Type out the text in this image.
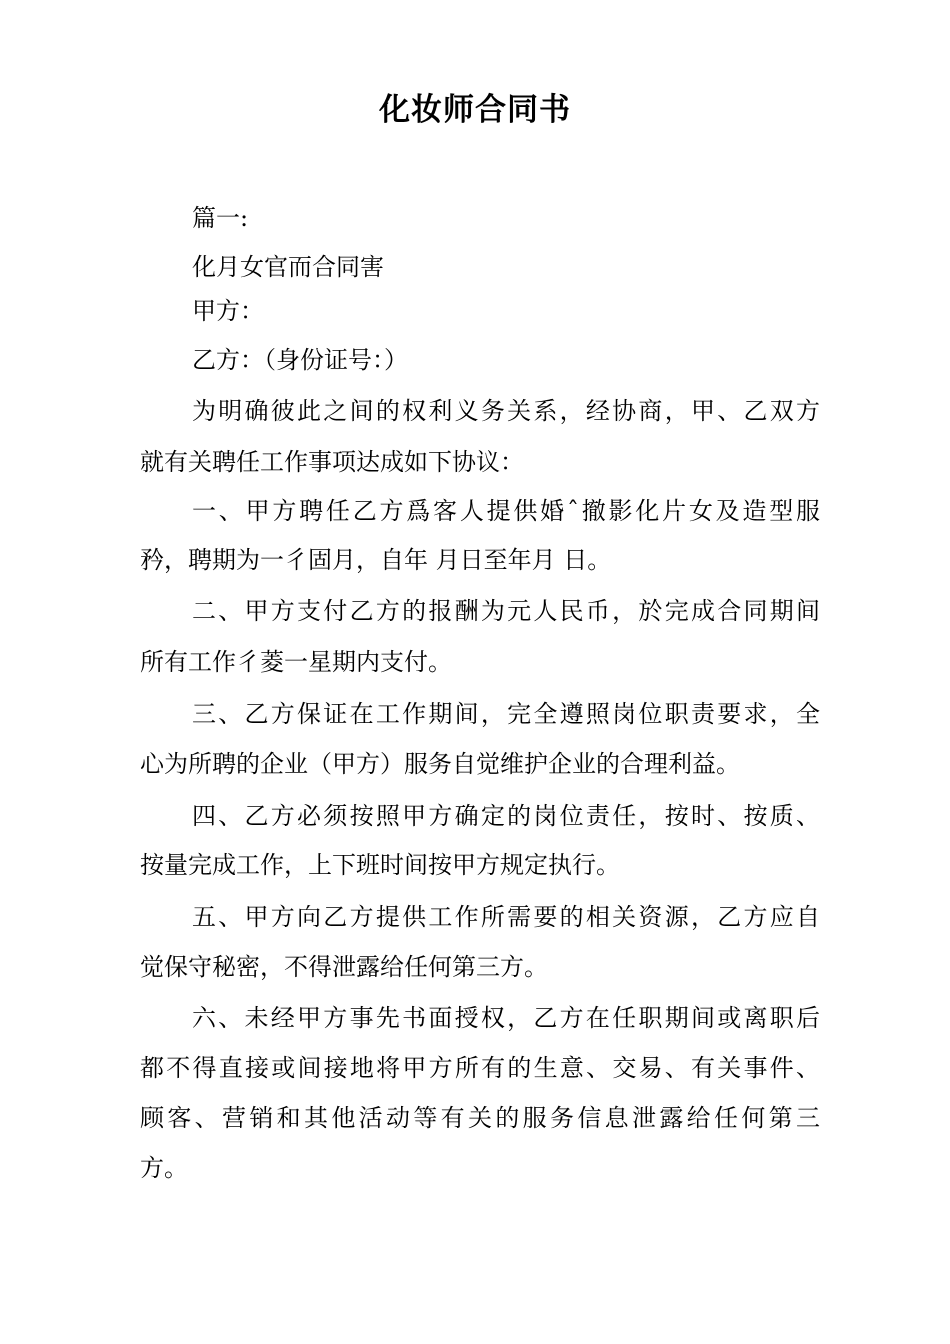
化妆师合同书
篇一:
化月女官而合同害
甲方：
乙方：（身份证号：）
为明确彼此之间的权利义务关系，经协商，甲、乙双方
就有关聘任工作事项达成如下协议：
一、甲方聘任乙方爲客人提供婚ˆ撤影化片女及造型服
矜，聘期为一彳固月，自年 月日至年月 日。
二、甲方支付乙方的报酬为元人民币，於完成合同期间
所有工作彳菱一星期内支付。
三、乙方保证在工作期间，完全遵照岗位职责要求，全
心为所聘的企业（甲方）服务自觉维护企业的合理利益。
四、乙方必须按照甲方确定的岗位责任，按时、按质、
按量完成工作，上下班时间按甲方规定执行。
五、甲方向乙方提供工作所需要的相关资源，乙方应自
觉保守秘密，不得泄露给任何第三方。
六、未经甲方事先书面授权，乙方在任职期间或离职后
都不得直接或间接地将甲方所有的生意、交易、有关事件、
顾客、营销和其他活动等有关的服务信息泄露给任何第三
方。
